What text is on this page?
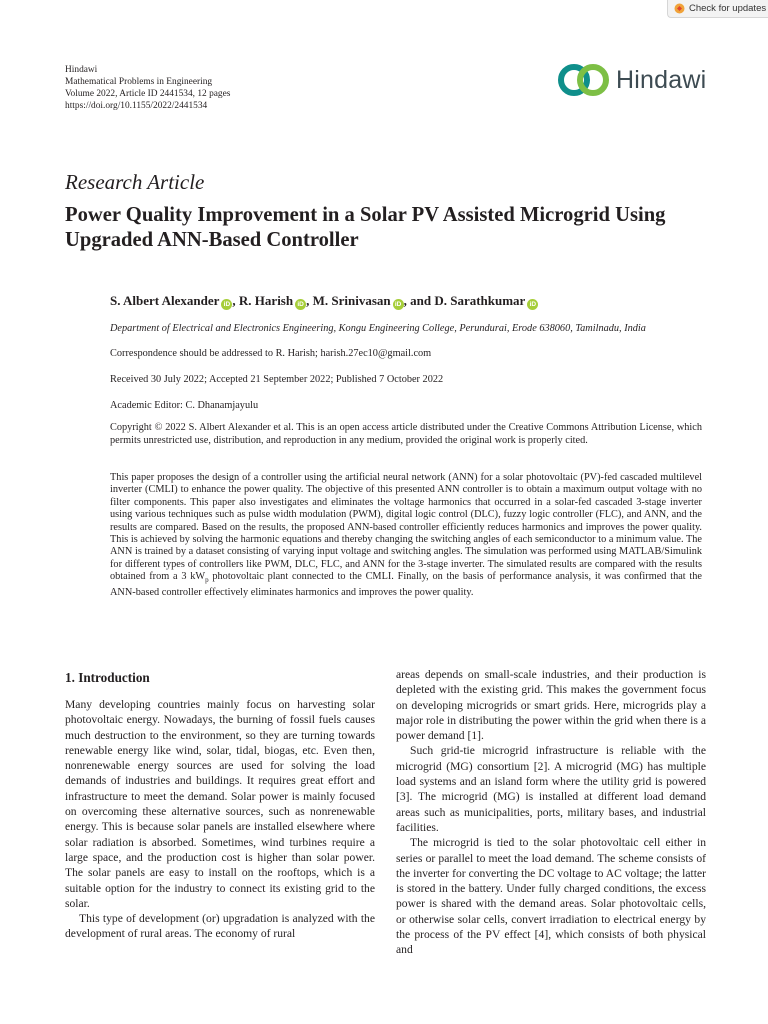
Check for updates
Hindawi
Mathematical Problems in Engineering
Volume 2022, Article ID 2441534, 12 pages
https://doi.org/10.1155/2022/2441534
Hindawi
Research Article
Power Quality Improvement in a Solar PV Assisted Microgrid Using Upgraded ANN-Based Controller
S. Albert Alexander iD , R. Harish iD , M. Srinivasan iD , and D. Sarathkumar iD
Department of Electrical and Electronics Engineering, Kongu Engineering College, Perundurai, Erode 638060, Tamilnadu, India
Correspondence should be addressed to R. Harish; harish.27ec10@gmail.com
Received 30 July 2022; Accepted 21 September 2022; Published 7 October 2022
Academic Editor: C. Dhanamjayulu
Copyright © 2022 S. Albert Alexander et al. This is an open access article distributed under the Creative Commons Attribution License, which permits unrestricted use, distribution, and reproduction in any medium, provided the original work is properly cited.
This paper proposes the design of a controller using the artificial neural network (ANN) for a solar photovoltaic (PV)-fed cascaded multilevel inverter (CMLI) to enhance the power quality. The objective of this presented ANN controller is to obtain a maximum output voltage with no filter components. This paper also investigates and eliminates the voltage harmonics that occurred in a solar-fed cascaded 3-stage inverter using various techniques such as pulse width modulation (PWM), digital logic control (DLC), fuzzy logic controller (FLC), and ANN, and the results are compared. Based on the results, the proposed ANN-based controller efficiently reduces harmonics and improves the power quality. This is achieved by solving the harmonic equations and thereby changing the switching angles of each semiconductor to a minimum value. The ANN is trained by a dataset consisting of varying input voltage and switching angles. The simulation was performed using MATLAB/Simulink for different types of controllers like PWM, DLC, FLC, and ANN for the 3-stage inverter. The simulated results are compared with the results obtained from a 3 $kW_p$ photovoltaic plant connected to the CMLI. Finally, on the basis of performance analysis, it was confirmed that the ANN-based controller effectively eliminates harmonics and improves the power quality.
1. Introduction

Many developing countries mainly focus on harvesting solar photovoltaic energy. Nowadays, the burning of fossil fuels causes much destruction to the environment, so they are turning towards renewable energy like wind, solar, tidal, biogas, etc. Even then, nonrenewable energy sources are used for solving the load demands of industries and buildings. It requires great effort and infrastructure to meet the demand. Solar power is mainly focused on overcoming these alternative sources, such as nonrenewable energy. This is because solar panels are installed elsewhere where solar radiation is absorbed. Sometimes, wind turbines require a large space, and the production cost is higher than solar power. The solar panels are easy to install on the rooftops, which is a suitable option for the industry to connect its existing grid to the solar.

This type of development (or) upgradation is analyzed with the development of rural areas. The economy of rural

areas depends on small-scale industries, and their production is depleted with the existing grid. This makes the government focus on developing microgrids or smart grids. Here, microgrids play a major role in distributing the power within the grid when there is a power demand [1].

Such grid-tie microgrid infrastructure is reliable with the microgrid (MG) consortium [2]. A microgrid (MG) has multiple load systems and an island form where the utility grid is powered [3]. The microgrid (MG) is installed at different load demand areas such as municipalities, ports, military bases, and industrial facilities.

The microgrid is tied to the solar photovoltaic cell either in series or parallel to meet the load demand. The scheme consists of the inverter for converting the DC voltage to AC voltage; the latter is stored in the battery. Under fully charged conditions, the excess power is shared with the demand areas. Solar photovoltaic cells, or otherwise solar cells, convert irradiation to electrical energy by the process of the PV effect [4], which consists of both physical and
